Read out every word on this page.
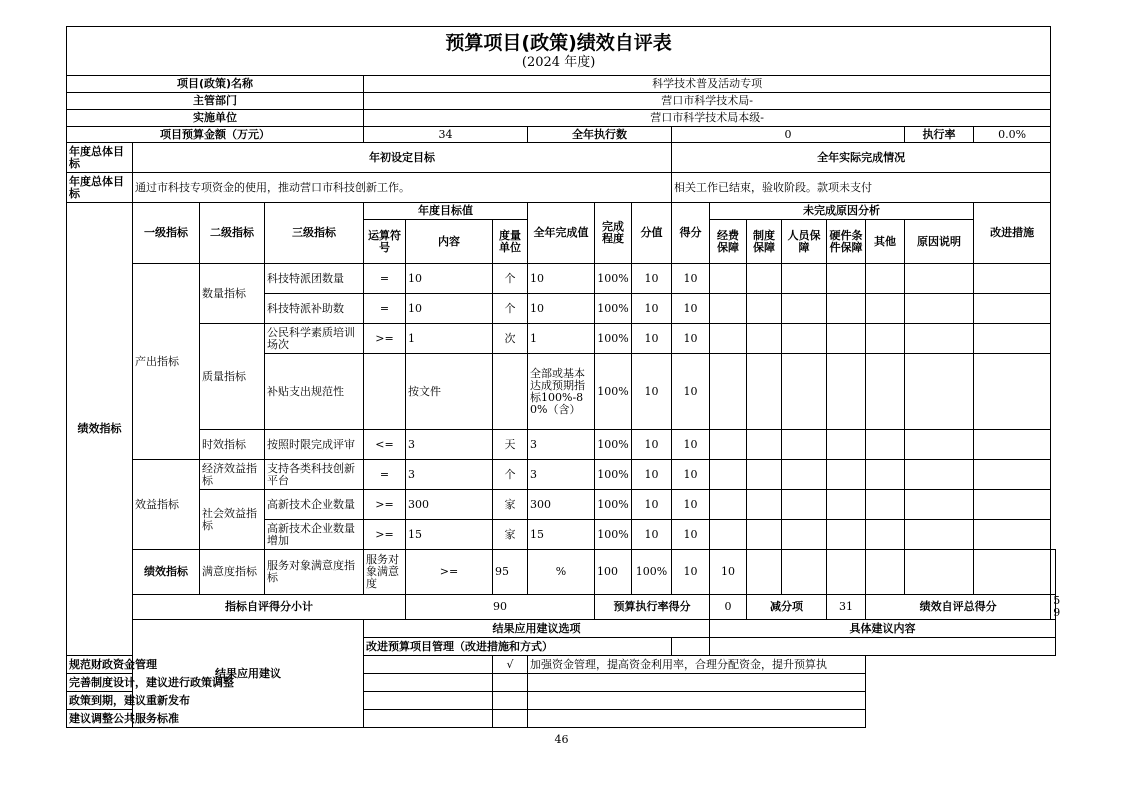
预算项目(政策)绩效自评表
(2024 年度)																		

项目(政策)名称				科学技术普及活动专项														
主管部门				营口市科学技术局-														
实施单位				营口市科学技术局本级-														
项目预算金额（万元）				34			全年执行数			0						执行率	0.0%	
年度总体目标	年初设定目标									全年实际完成情况								
年度总体目标	通过市科技专项资金的使用，推动营口市科技创新工作。									相关工作已结束，验收阶段。款项未支付								
绩效指标	一级指标	二级指标	三级指标	年度目标值			全年完成值	完成程度	分值	得分	未完成原因分析						改进措施	
				运算符号	内容	度量单位					经费保障	制度保障	人员保障	硬件条件保障	其他	原因说明		
	产出指标	数量指标	科技特派团数量	=	10	个	10	100%	10	10								
			科技特派补助数	=	10	个	10	100%	10	10								
		质量指标	公民科学素质培训场次	>=	1	次	1	100%	10	10								
			补贴支出规范性		按文件		全部或基本达成预期指标100%-80%（含）	100%	10	10								
		时效指标	按照时限完成评审	<=	3	天	3	100%	10	10								
	效益指标	经济效益指标	支持各类科技创新平台	=	3	个	3	100%	10	10								
		社会效益指标	高新技术企业数量	>=	300	家	300	100%	10	10								
			高新技术企业数量增加	>=	15	家	15	100%	10	10								
	绩效指标	满意度指标	服务对象满意度指标	服务对象满意度	>=	95	%	100	100%	10	10							
	指标自评得分小计				90			预算执行率得分			0	减分项		31	绩效自评总得分			59
	结果应用建议			结果应用建议选项							具体建议内容							
				改进预算项目管理（改进措施和方式）														
规范财政资金管理						√	加强资金管理，提高资金利用率，合理分配资金，提升预算执											
完善制度设计，建议进行政策调整																		
政策到期，建议重新发布																		
建议调整公共服务标准																		
46
